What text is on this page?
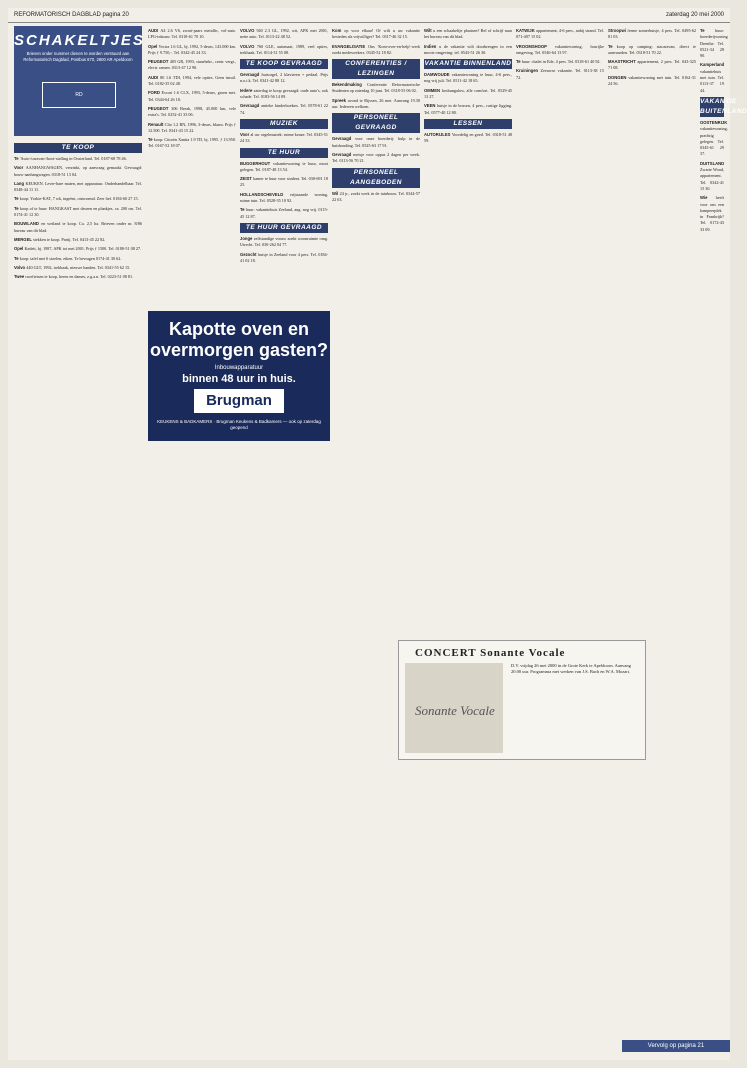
REFORMATORISCH DAGBLAD pagina 20	zaterdag 20 mei 2000
SCHAKELTJES
Brieven onder nummer dienen te worden verstuurd aan Reformatorisch Dagblad, Postbus 670, 2800 AR Apeldoorn
RD
Kapotte oven en overmorgen gasten?
Inbouwapparatuur
binnen 48 uur in huis.
Brugman
KEUKENS & BADKAMERS · Brugman Keukens & Badkamers — ook op zaterdag geopend
CONCERT Sonante Vocale
Sonante Vocale
D.V. vrijdag 26 mei 2000 in de Grote Kerk te Apeldoorn. Aanvang 20.00 uur. Programma met werken van J.S. Bach en W.A. Mozart.
TE KOOP
Te 'Auto-/caravan-/boot-stalling in Oosterland. Tel. 0187-68 78 46.
Voor AANHANGWAGEN, verzinkt, op aanvraag gemaakt. Gevraagd: bouw-aanhangwagen. 0318-51 13 04.
Lang KEUKEN. Lever-bare maten, met apparatuur. Onderhandelbaar. Tel. 0348-44 11 11.
Te koop: Yorkie-KAT, 7 wk, ingeënt, ontwormd. Zeer lief. 0184-60 27 15.
Te koop of te huur: HANGKAST met deuren en plankjes, ca. 200 cm. Tel. 0174-41 12 30.
BOUWLAND en weiland te koop. Ca. 2,5 ha. Brieven onder nr. 8/86 bureau van dit blad.
MERGEL stekken te koop. Partij. Tel. 0413-45 22 82.
Opel Kadett, bj. 1987, APK tot mei 2001. Prijs ƒ 1500. Tel. 0180-51 08 27.
Te koop: tafel met 6 stoelen, eiken. Te bevragen 0174-41 30 62.
Volvo 440 GLT, 1992, trekhaak, nieuwe banden. Tel. 0341-55 62 15.
Twee racefietsen te koop, heren en dames, z.g.a.n. Tel. 0223-51 08 81.
AUDI A4 2.6 V6, zwart-paars metallic, vol-auto. LPG-inbouw. Tel. 0318-61 70 10.
Opel Vectra 1.6 GL, bj. 1992, 5-deurs, 143.000 km. Prijs ƒ 9.750,-. Tel. 0342-45 24 33.
PEUGEOT 405 GR, 1993, stuurbekr., centr. vergr., electr. ramen. 0313-47 12 90.
AUDI 80 1.6 TDI, 1994, vele opties. Geen inruil. Tel. 0182-35 02 48.
FORD Escort 1.6 CLX, 1993, 5-deurs, groen met. Tel. 0344-64 26 18.
PEUGEOT 306 Break, 1998, 45.000 km, vele extra's. Tel. 0252-41 33 06.
Renault Clio 1.2 RN, 1996, 3-deurs, blauw. Prijs ƒ 12.500. Tel. 0341-43 15 22.
Te koop: Citroën Xantia 1.9 TD, bj. 1995. ƒ 13.950. Tel. 0167-52 18 07.
VOLVO 940 2.3 GL, 1992, wit, APK mei 2001, nette auto. Tel. 0113-22 48 52.
VOLVO 760 GLE, automaat, 1989, veel opties, trekhaak. Tel. 0114-31 55 08.
TE KOOP GEVRAAGD
Gevraagd huisorgel, 2 klavieren + pedaal. Prijs n.o.t.k. Tel. 0341-42 88 12.
Iedere zaterdag te koop gevraagd: oude auto's, ook schade. Tel. 0183-56 14 09.
Gevraagd antieke kinderboeken. Tel. 0578-61 22 74.
MUZIEK
Voor al uw orgelmuziek: ruime keuze. Tel. 0345-51 24 33.
TE HUUR
BUGGERHOUT vakantiewoning te huur, mooi gelegen. Tel. 0187-48 13 54.
ZEIST kamer te huur voor student. Tel. 030-691 18 25.
HOLLANDSCHEVELD vrijstaande woning, ruime tuin. Tel. 0528-35 10 92.
Te huur: vakantiehuis Zeeland, aug. nog vrij. 0115-45 12 87.
TE HUUR GEVRAAGD
Jonge zelfstandige vrouw zoekt woonruimte omg. Utrecht. Tel. 030-262 04 77.
Gezocht huisje in Zeeland voor 4 pers. Tel. 0184-41 02 18.
Kom op voor elkaar! Of wilt u uw vakantie besteden als vrijwilliger? Tel. 0317-46 32 15.
EVANGELISATIE Ons 'Kom-over-en-help'-werk zoekt medewerkers. 0345-52 18 82.
CONFERENTIES / LEZINGEN
Bekendmaking Conferentie Reformatorische Studenten op zaterdag 10 juni. Tel. 0318-55 06 02.
Spreek avond te Rijssen, 26 mei. Aanvang 19.30 uur. Iedereen welkom.
PERSONEEL GEVRAAGD
Gevraagd voor onze boerderij: hulp in de huishouding. Tel. 0525-63 17 91.
Gevraagd meisje voor oppas 2 dagen per week. Tel. 0113-56 70 21.
PERSONEEL AANGEBODEN
Wil 24 jr., zoekt werk in de tuinbouw. Tel. 0344-57 22 63.
Wilt u een schaakeltje plaatsen? Bel of schrijf naar het bureau van dit blad.
Indien u de vakantie wilt doorbrengen in een mooie omgeving: tel. 0543-51 26 30.
VAKANTIE BINNENLAND
DAMWOUDE vakantiewoning te huur, 4-6 pers., nog vrij juli. Tel. 0511-42 18 65.
OMMEN bosbungalow, alle comfort. Tel. 0529-45 13 27.
VEEN huisje in de bossen, 4 pers., rustige ligging. Tel. 0577-40 12 80.
LESSEN
AUTORIJLES Voordelig en goed. Tel. 0318-51 48 59.
KATWIJK appartement, 4-6 pers., nabij strand. Tel. 071-407 15 02.
VROOMSHOOP vakantiewoning, bosrijke omgeving. Tel. 0546-64 13 97.
Te huur: chalet in Ede, 4 pers. Tel. 0318-61 40 92.
Kruiningen Zeeuwse vakantie. Tel. 0113-38 15 72.
Stroopwi ferme zomerhuisje, 4 pers. Tel. 0495-62 81 03.
Te koop op camping: stacaravan, direct te aanvaarden. Tel. 0318-51 70 22.
MAASTRICHT appartement, 2 pers. Tel. 043-325 71 08.
DONGEN vakantiewoning met tuin. Tel. 0162-31 24 56.
Te huur: boerderijwoning Drenthe. Tel. 0521-34 28 90.
Kamperland vakantiehuis met tuin. Tel. 0113-37 19 44.
VAKANTIE BUITENLAND
OOSTENRIJK vakantiewoning, prachtig gelegen. Tel. 0345-61 29 37.
DUITSLAND Zwarte Woud, appartement. Tel. 0342-41 15 30.
Wie heeft voor ons een kampeerplek in Frankrijk? Tel. 0172-43 33 09.
Vervolg op pagina 21
